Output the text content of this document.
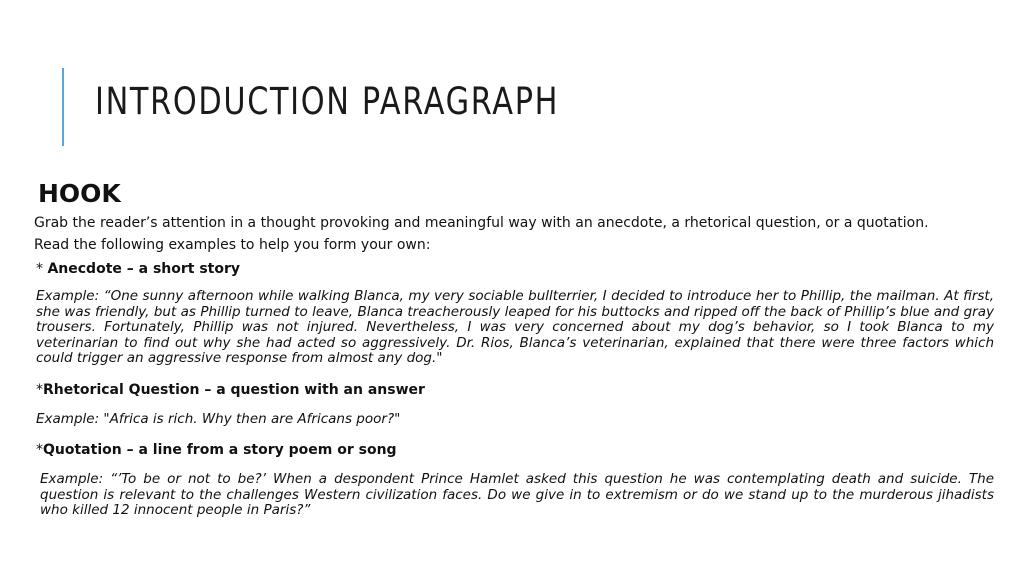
INTRODUCTION PARAGRAPH
HOOK

Grab the reader’s attention in a thought provoking and meaningful way with an anecdote, a rhetorical question, or a quotation.

Read the following examples to help you form your own:

* Anecdote – a short story

Example: “One sunny afternoon while walking Blanca, my very sociable bullterrier, I decided to introduce her to Phillip, the mailman. At first, she was friendly, but as Phillip turned to leave, Blanca treacherously leaped for his buttocks and ripped off the back of Phillip’s blue and gray trousers. Fortunately, Phillip was not injured. Nevertheless, I was very concerned about my dog’s behavior, so I took Blanca to my veterinarian to find out why she had acted so aggressively. Dr. Rios, Blanca’s veterinarian, explained that there were three factors which could trigger an aggressive response from almost any dog."

*Rhetorical Question – a question with an answer

Example: "Africa is rich. Why then are Africans poor?"

*Quotation – a line from a story poem or song

Example: “’To be or not to be?’ When a despondent Prince Hamlet asked this question he was contemplating death and suicide. The question is relevant to the challenges Western civilization faces. Do we give in to extremism or do we stand up to the murderous jihadists who killed 12 innocent people in Paris?”
